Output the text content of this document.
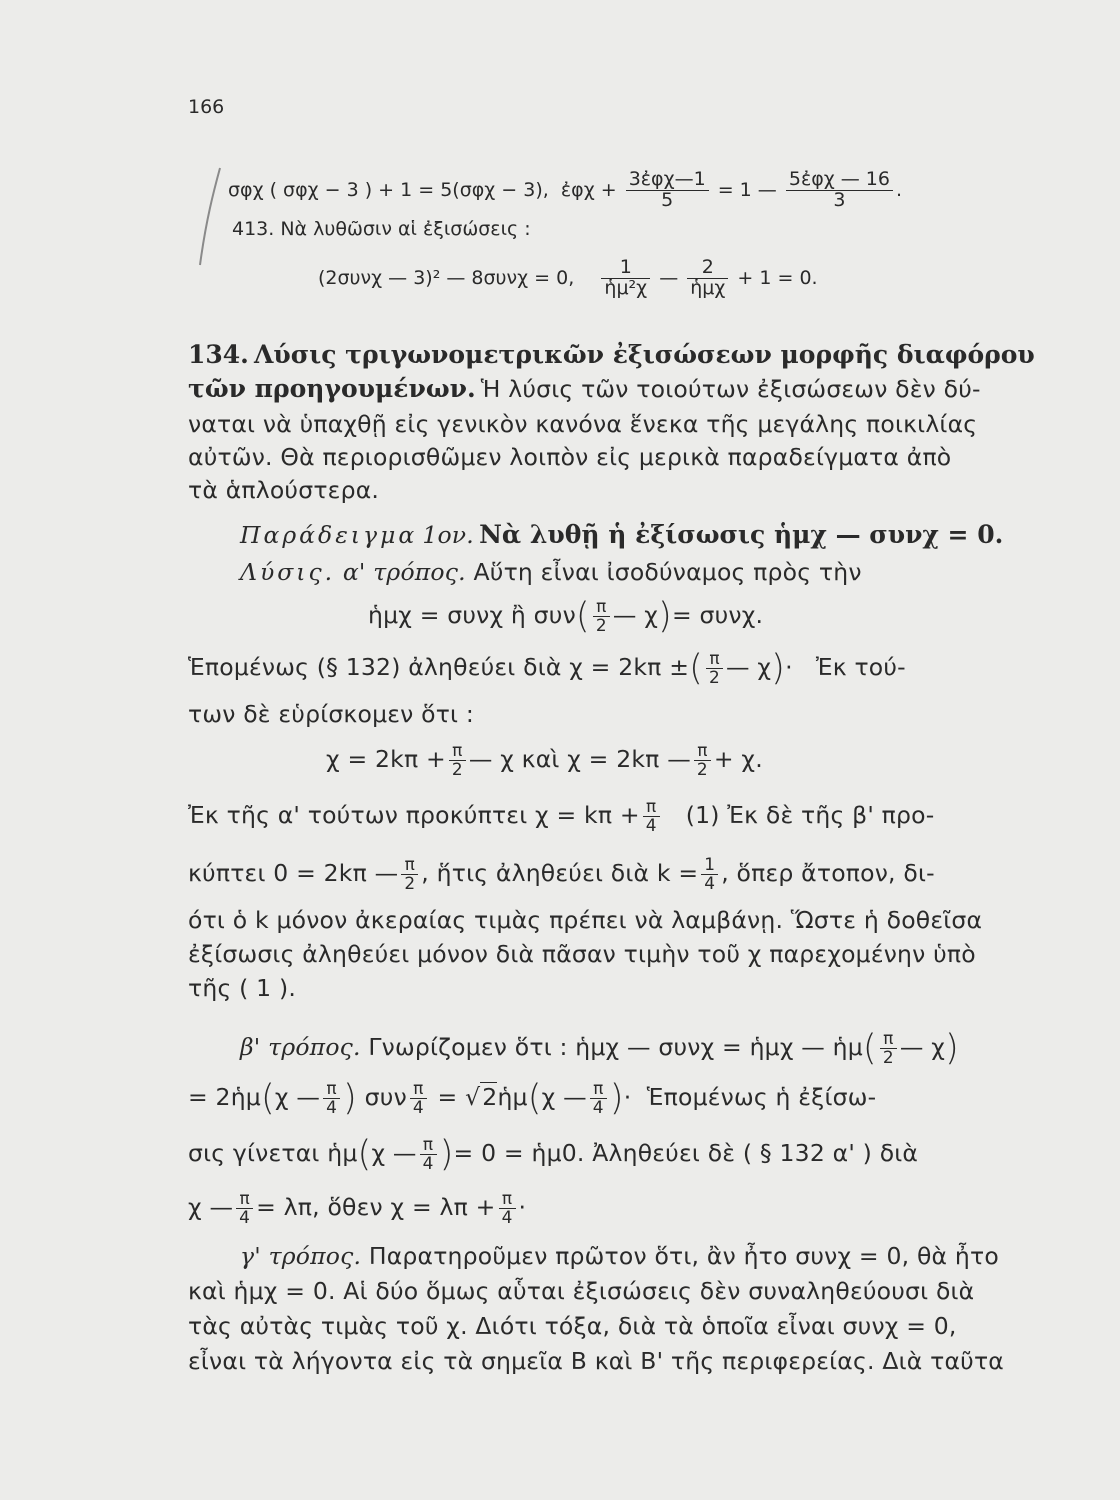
166
σφχ ( σφχ − 3 ) + 1 = 5(σφχ − 3), ἐφχ + $\frac{\text{3ἐφχ—1}}{5} = 1$ — $\frac{\text{5ἐφχ — 16}}{3}$ .
413. Νὰ λυθῶσιν αἱ ἐξισώσεις :
(2συνχ — 3)² — 8συνχ = 0, $\frac{1}{\text{ἡμ²χ}}$ — $\frac{2}{\text{ἡμχ}} + 1 = 0$.
134. Λύσις τριγωνομετρικῶν ἐξισώσεων μορφῆς διαφόρου
τῶν προηγουμένων. Ἡ λύσις τῶν τοιούτων ἐξισώσεων δὲν δύ-
ναται νὰ ὑπαχθῇ εἰς γενικὸν κανόνα ἕνεκα τῆς μεγάλης ποικιλίας
αὐτῶν. Θὰ περιορισθῶμεν λοιπὸν εἰς μερικὰ παραδείγματα ἀπὸ
τὰ ἁπλούστερα.
Παράδειγμα 1ον. Νὰ λυθῇ ἡ ἐξίσωσις ἡμχ — συνχ = 0.
Λύσις. α' τρόπος. Αὕτη εἶναι ἰσοδύναμος πρὸς τὴν
ἡμχ = συνχ ἢ $\sigma\upsilon\nu( \frac{\pi}{2}$ — χ)= συνχ.
Ἑπομένως (§ 132) ἀληθεύει διὰ χ = 2kπ ±( $\frac{\pi}{2}$ — χ)·   Ἐκ τού-
των δὲ εὑρίσκομεν ὅτι :
$\chi = 2k\pi + \frac{\pi}{2}$ — χ καὶ χ = 2kπ — $\frac{\pi}{2} + \chi$.
Ἐκ τῆς α' τούτων προκύπτει $\chi = k\pi + \frac{\pi}{4} (1)$ Ἐκ δὲ τῆς β' προ-
κύπτει 0 = 2kπ — $\frac{\pi}{2}$ , ἥτις ἀληθεύει διὰ $k = \frac{1}{4}$ , ὅπερ ἄτοπον, δι-
ότι ὁ k μόνον ἀκεραίας τιμὰς πρέπει νὰ λαμβάνῃ. Ὥστε ἡ δοθεῖσα
ἐξίσωσις ἀληθεύει μόνον διὰ πᾶσαν τιμὴν τοῦ χ παρεχομένην ὑπὸ
τῆς ( 1 ).
β' τρόπος. Γνωρίζομεν ὅτι : ἡμχ — συνχ = ἡμχ — ἡμ( $\frac{\pi}{2}$ — χ)
= 2ἡμ(χ — $\frac{\pi}{4}$ ) συν $\frac{\pi}{4}$ = √2ἡμ(χ — $\frac{\pi}{4}$ )·  Ἑπομένως ἡ ἐξίσω-
σις γίνεται ἡμ(χ — $\frac{\pi}{4}$ )= 0 = ἡμ0. Ἀληθεύει δὲ ( § 132 α' ) διὰ
χ — $\frac{\pi}{4} = \lambda\pi$, ὅθεν $\chi = \lambda\pi + \frac{\pi}{4}$ ·
γ' τρόπος. Παρατηροῦμεν πρῶτον ὅτι, ἂν ἦτο συνχ = 0, θὰ ἦτο
καὶ ἡμχ = 0. Αἱ δύο ὅμως αὗται ἐξισώσεις δὲν συναληθεύουσι διὰ
τὰς αὐτὰς τιμὰς τοῦ χ. Διότι τόξα, διὰ τὰ ὁποῖα εἶναι συνχ = 0,
εἶναι τὰ λήγοντα εἰς τὰ σημεῖα Β καὶ Β' τῆς περιφερείας. Διὰ ταῦτα
